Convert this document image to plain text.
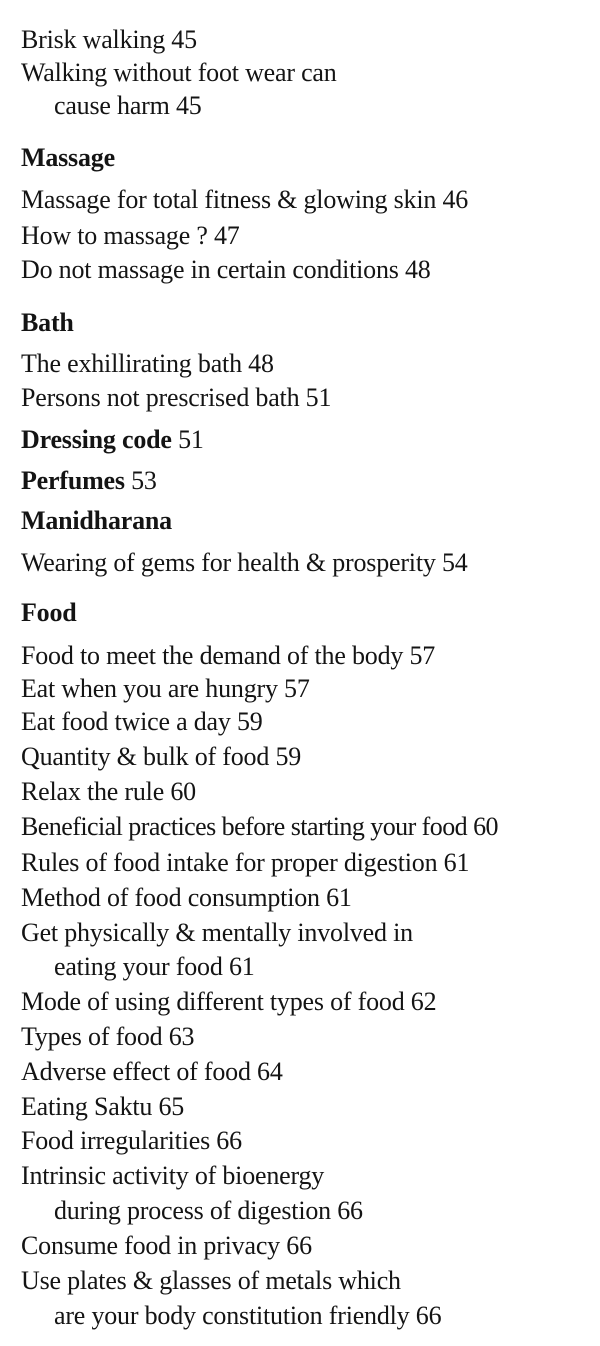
Brisk walking 45
Walking without foot wear can
cause harm 45
Massage
Massage for total fitness & glowing skin 46
How to massage ? 47
Do not massage in certain conditions 48
Bath
The exhillirating bath 48
Persons not prescrised bath 51
Dressing code 51
Perfumes 53
Manidharana
Wearing of gems for health & prosperity 54
Food
Food to meet the demand of the body 57
Eat when you are hungry 57
Eat food twice a day 59
Quantity & bulk of food 59
Relax the rule 60
Beneficial practices before starting your food 60
Rules of food intake for proper digestion 61
Method of food consumption 61
Get physically & mentally involved in
eating your food 61
Mode of using different types of food 62
Types of food 63
Adverse effect of food 64
Eating Saktu 65
Food irregularities 66
Intrinsic activity of bioenergy
during process of digestion 66
Consume food in privacy 66
Use plates & glasses of metals which
are your body constitution friendly 66
